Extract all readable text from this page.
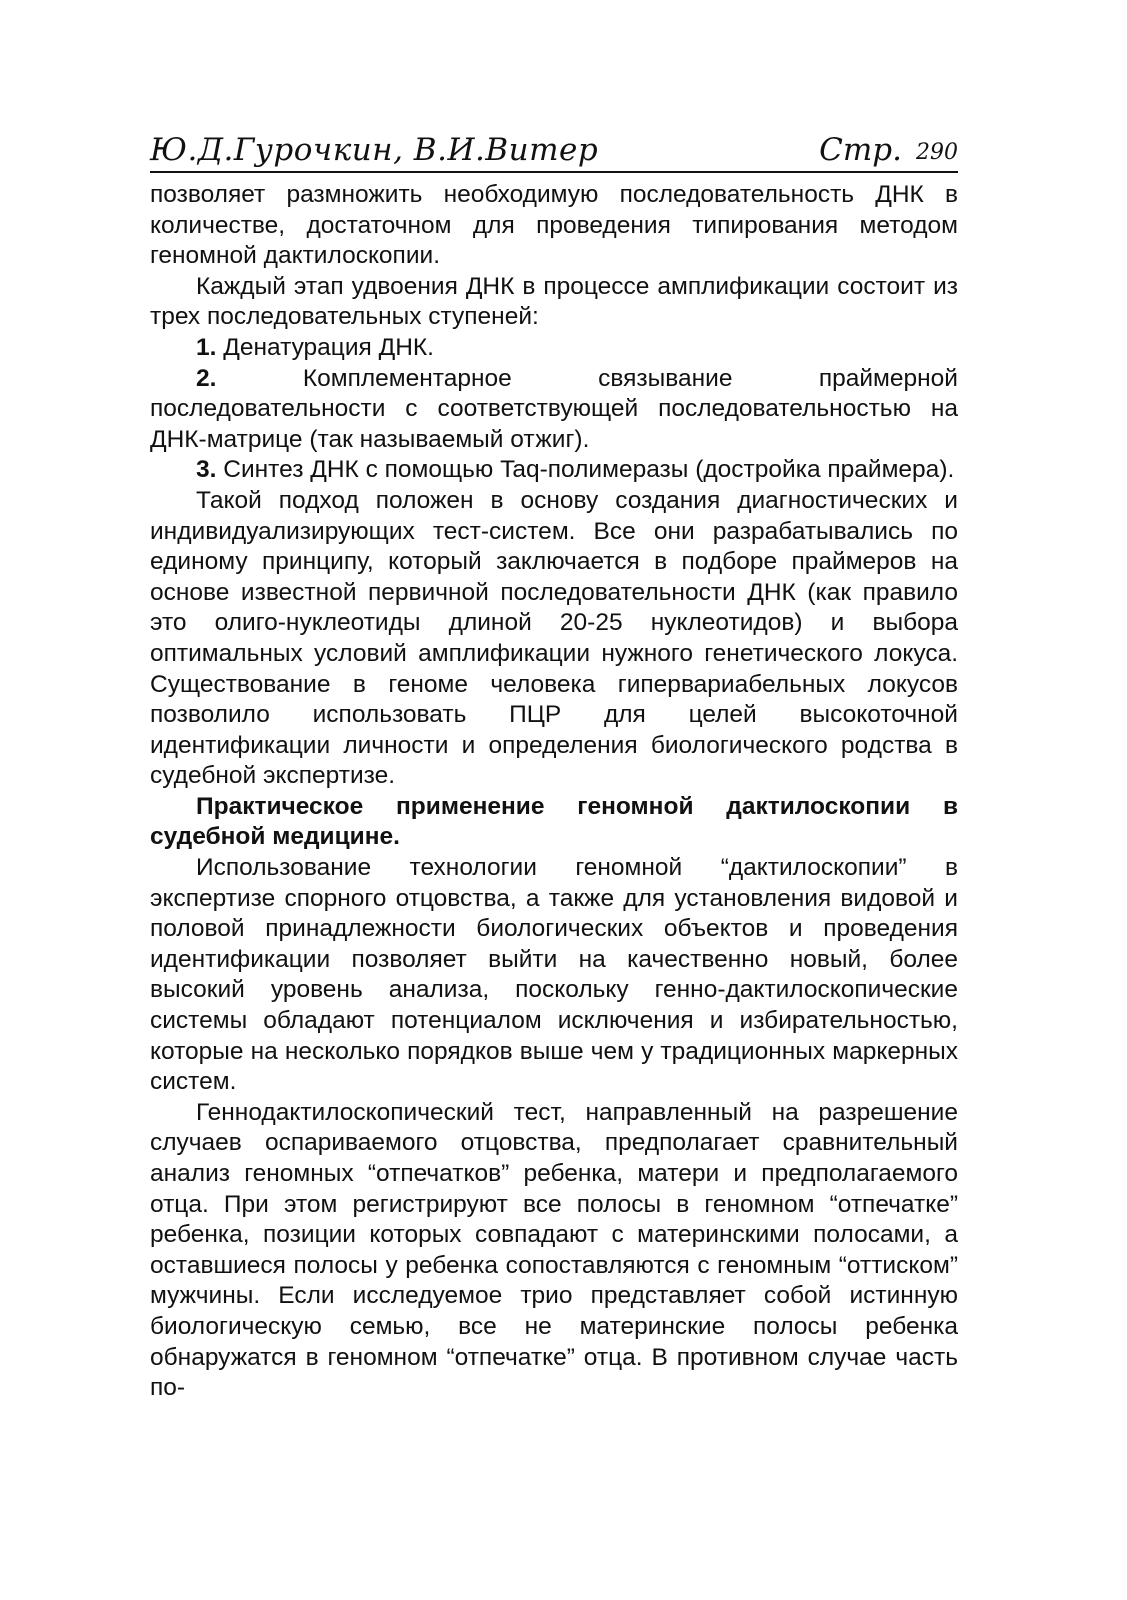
Ю.Д.Гурочкин, В.И.Витер	Стр. 290

позволяет размножить необходимую последовательность ДНК в количестве, достаточном для проведения типирования методом геномной дактилоскопии.

Каждый этап удвоения ДНК в процессе амплификации состоит из трех последовательных ступеней:

1. Денатурация ДНК.

2.	Комплементарное связывание праймерной последовательности с соответствующей последовательностью на ДНК-матрице (так называемый отжиг).

3. Синтез ДНК с помощью Taq-полимеразы (достройка праймера).

Такой подход положен в основу создания диагностических и индивидуализирующих тест-систем. Все они разрабатывались по единому принципу, который заключается в подборе праймеров на основе известной первичной последовательности ДНК (как правило это олиго-нуклеотиды длиной 20-25 нуклеотидов) и выбора оптимальных условий амплификации нужного генетического локуса. Существование в геноме человека гипервариабельных локусов позволило использовать ПЦР для целей высокоточной идентификации личности и определения биологического родства в судебной экспертизе.

Практическое применение геномной дактилоскопии в судебной медицине.

Использование технологии геномной “дактилоскопии” в экспертизе спорного отцовства, а также для установления видовой и половой принадлежности биологических объектов и проведения идентификации позволяет выйти на качественно новый, более высокий уровень анализа, поскольку генно-дактилоскопические системы обладают потенциалом исключения и избирательностью, которые на несколько порядков выше чем у традиционных маркерных систем.

Геннодактилоскопический тест, направленный на разрешение случаев оспариваемого отцовства, предполагает сравнительный анализ геномных “отпечатков” ребенка, матери и предполагаемого отца. При этом регистрируют все полосы в геномном “отпечатке” ребенка, позиции которых совпадают с материнскими полосами, а оставшиеся полосы у ребенка сопоставляются с геномным “оттиском” мужчины. Если исследуемое трио представляет собой истинную биологическую семью, все не материнские полосы ребенка обнаружатся в геномном “отпечатке” отца. В противном случае часть по-
